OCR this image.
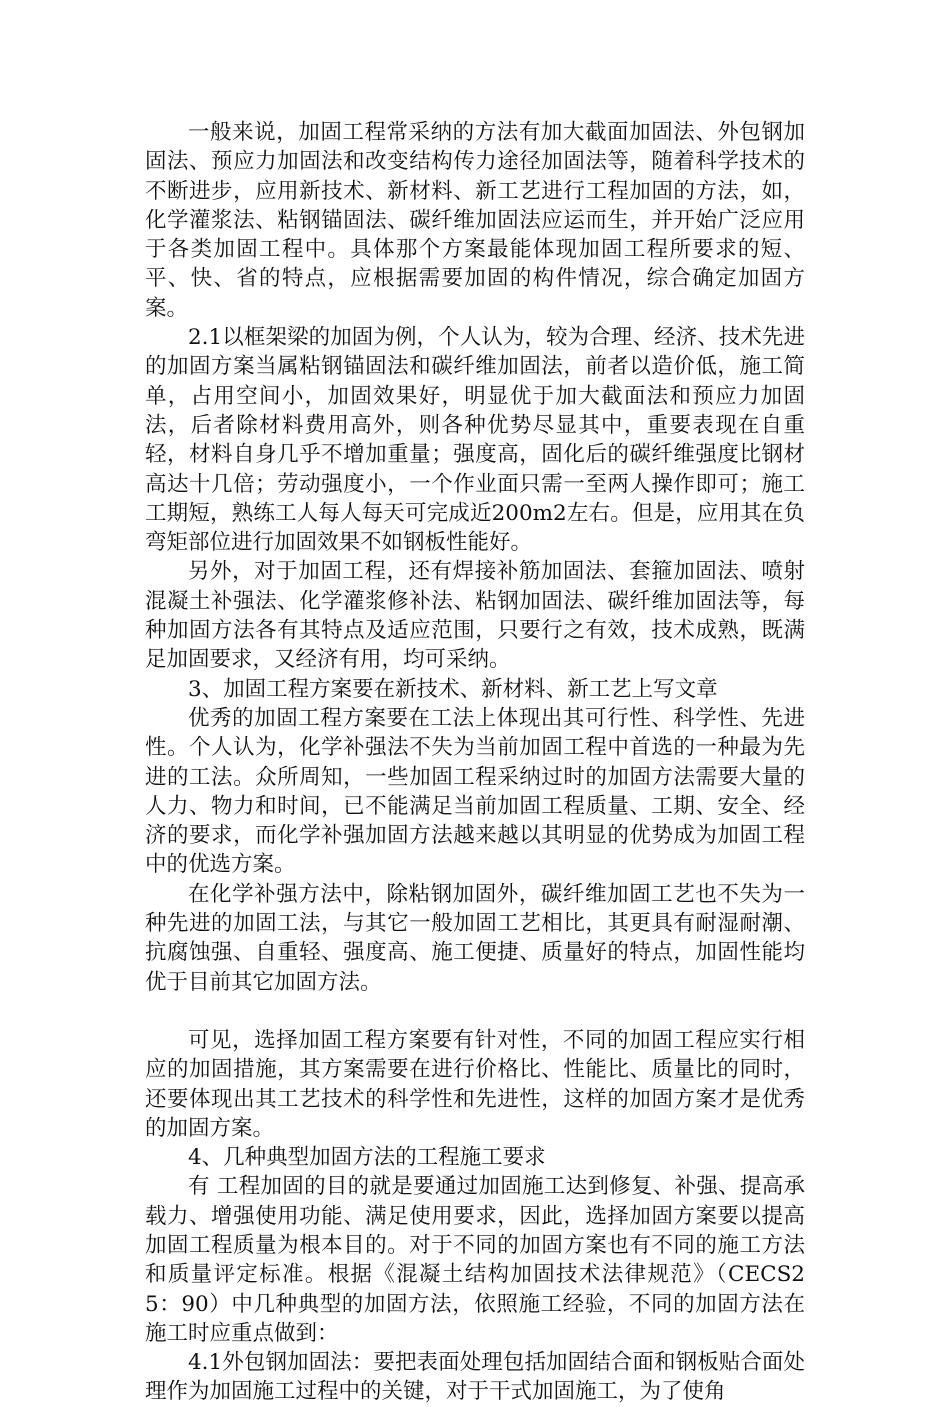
一般来说，加固工程常采纳的方法有加大截面加固法、外包钢加固法、预应力加固法和改变结构传力途径加固法等，随着科学技术的不断进步，应用新技术、新材料、新工艺进行工程加固的方法，如，化学灌浆法、粘钢锚固法、碳纤维加固法应运而生，并开始广泛应用于各类加固工程中。具体那个方案最能体现加固工程所要求的短、平、快、省的特点，应根据需要加固的构件情况，综合确定加固方案。

2.1以框架梁的加固为例，个人认为，较为合理、经济、技术先进的加固方案当属粘钢锚固法和碳纤维加固法，前者以造价低，施工简单，占用空间小，加固效果好，明显优于加大截面法和预应力加固法，后者除材料费用高外，则各种优势尽显其中，重要表现在自重轻，材料自身几乎不增加重量；强度高，固化后的碳纤维强度比钢材高达十几倍；劳动强度小，一个作业面只需一至两人操作即可；施工工期短，熟练工人每人每天可完成近200m2左右。但是，应用其在负弯矩部位进行加固效果不如钢板性能好。

另外，对于加固工程，还有焊接补筋加固法、套箍加固法、喷射混凝土补强法、化学灌浆修补法、粘钢加固法、碳纤维加固法等，每种加固方法各有其特点及适应范围，只要行之有效，技术成熟，既满足加固要求，又经济有用，均可采纳。

3、加固工程方案要在新技术、新材料、新工艺上写文章

优秀的加固工程方案要在工法上体现出其可行性、科学性、先进性。个人认为，化学补强法不失为当前加固工程中首选的一种最为先进的工法。众所周知，一些加固工程采纳过时的加固方法需要大量的人力、物力和时间，已不能满足当前加固工程质量、工期、安全、经济的要求，而化学补强加固方法越来越以其明显的优势成为加固工程中的优选方案。

在化学补强方法中，除粘钢加固外，碳纤维加固工艺也不失为一种先进的加固工法，与其它一般加固工艺相比，其更具有耐湿耐潮、抗腐蚀强、自重轻、强度高、施工便捷、质量好的特点，加固性能均优于目前其它加固方法。

可见，选择加固工程方案要有针对性，不同的加固工程应实行相应的加固措施，其方案需要在进行价格比、性能比、质量比的同时，还要体现出其工艺技术的科学性和先进性，这样的加固方案才是优秀的加固方案。

4、几种典型加固方法的工程施工要求

有 工程加固的目的就是要通过加固施工达到修复、补强、提高承载力、增强使用功能、满足使用要求，因此，选择加固方案要以提高加固工程质量为根本目的。对于不同的加固方案也有不同的施工方法和质量评定标准。根据《混凝土结构加固技术法律规范》（CECS25：90）中几种典型的加固方法，依照施工经验，不同的加固方法在施工时应重点做到：

4.1外包钢加固法：要把表面处理包括加固结合面和钢板贴合面处理作为加固施工过程中的关键，对于干式加固施工，为了使角
